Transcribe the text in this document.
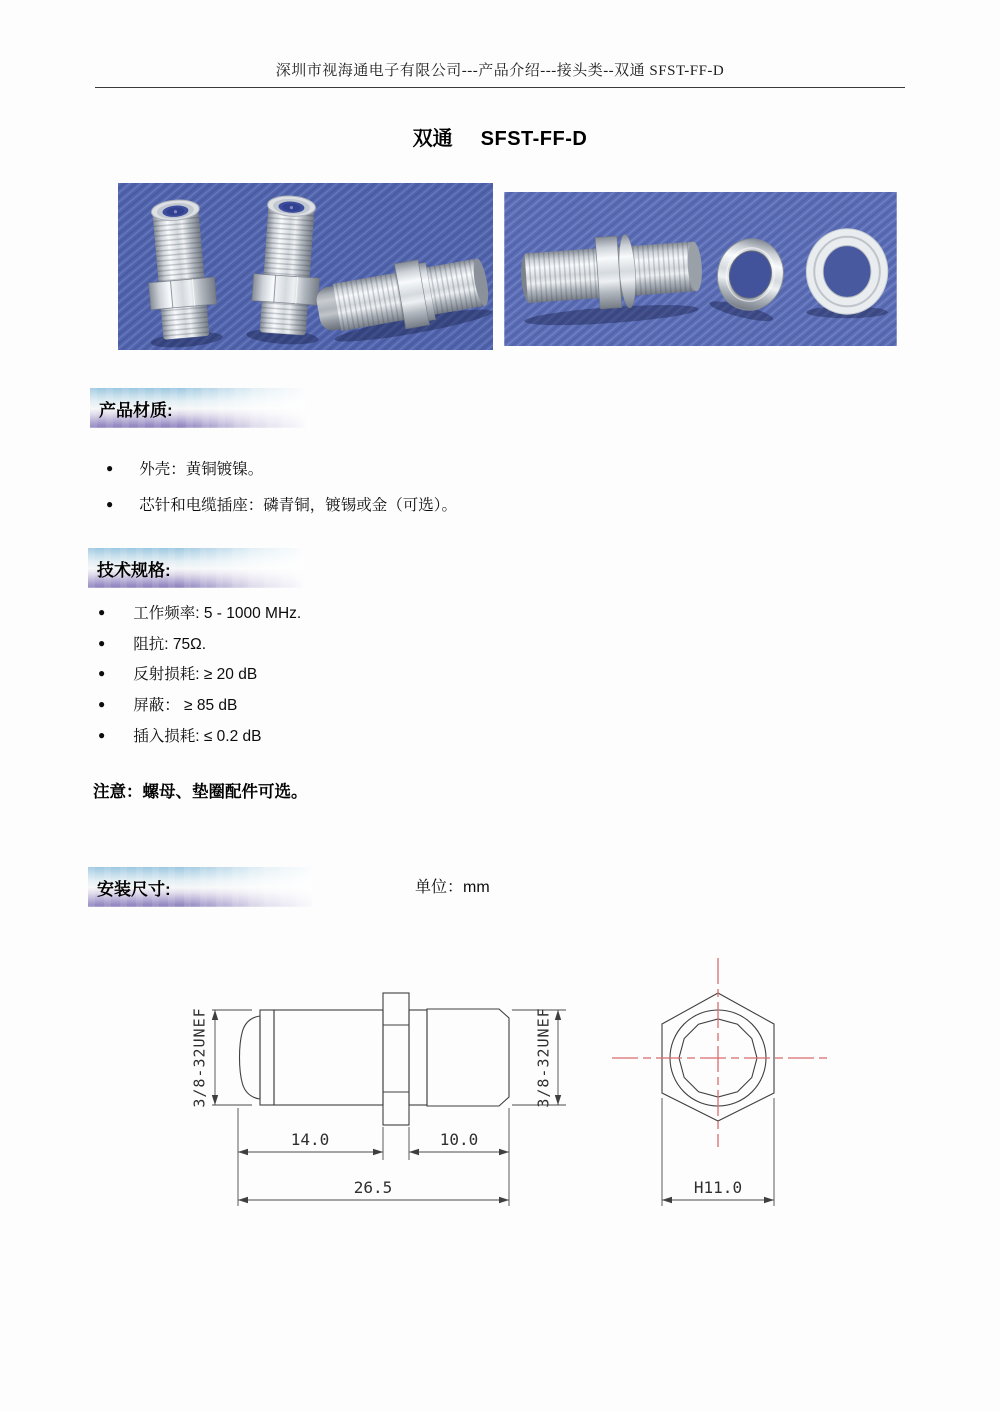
深圳市视海通电子有限公司---产品介绍---接头类--双通 SFST-FF-D
双通 SFST-FF-D
产品材质:
● 外壳：黄铜镀镍。
● 芯针和电缆插座：磷青铜，镀锡或金（可选）。
技术规格:
● 工作频率: 5 - 1000 MHz.
● 阻抗: 75Ω.
● 反射损耗: ≥ 20 dB
● 屏蔽： ≥ 85 dB
● 插入损耗: ≤ 0.2 dB
注意：螺母、垫圈配件可选。
安装尺寸:	单位：mm
3/8-32UNEF	3/8-32UNEF
14.0	10.0
26.5	H11.0
